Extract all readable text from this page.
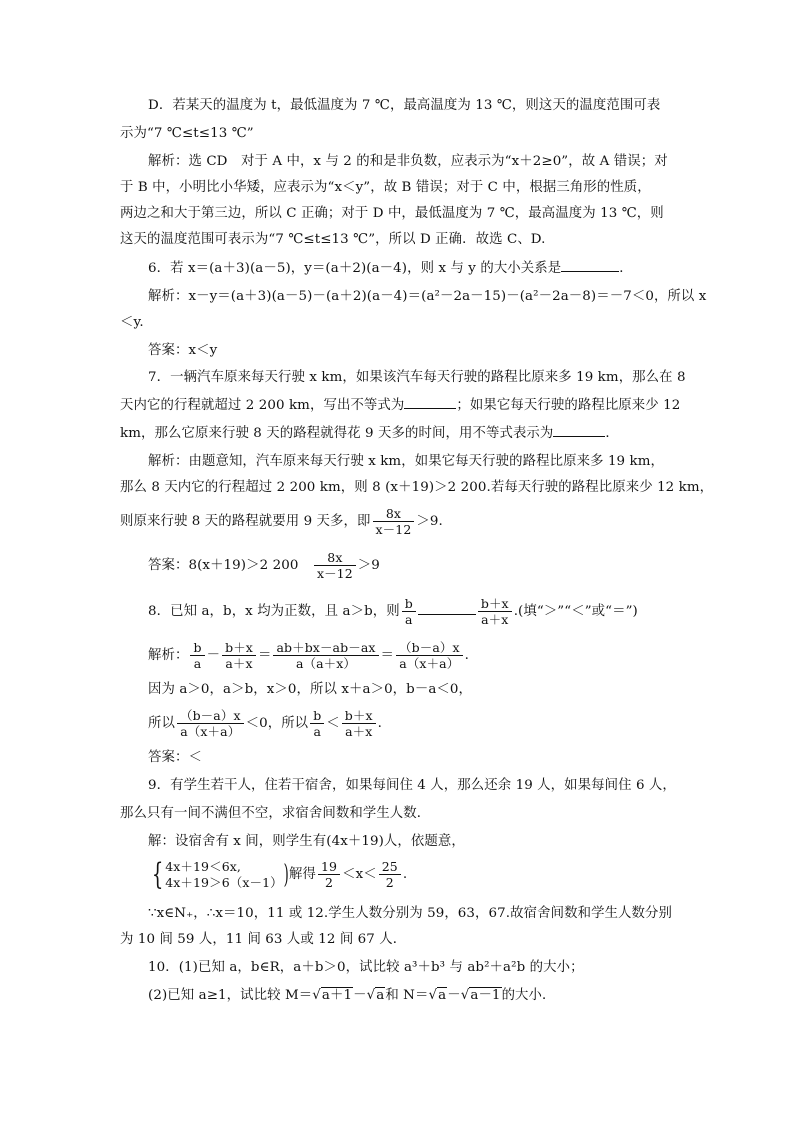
D．若某天的温度为 t，最低温度为 7 ℃，最高温度为 13 ℃，则这天的温度范围可表
示为“7 ℃≤t≤13 ℃”
解析：选 CD　对于 A 中，x 与 2 的和是非负数，应表示为“x＋2≥0”，故 A 错误；对
于 B 中，小明比小华矮，应表示为“x＜y”，故 B 错误；对于 C 中，根据三角形的性质，
两边之和大于第三边，所以 C 正确；对于 D 中，最低温度为 7 ℃，最高温度为 13 ℃，则
这天的温度范围可表示为“7 ℃≤t≤13 ℃”，所以 D 正确．故选 C、D.
6．若 x＝(a＋3)(a－5)，y＝(a＋2)(a－4)，则 x 与 y 的大小关系是	．
解析：x－y＝(a＋3)(a－5)－(a＋2)(a－4)＝(a²－2a－15)－(a²－2a－8)＝－7＜0，所以 x
＜y.
答案：x＜y
7．一辆汽车原来每天行驶 x km，如果该汽车每天行驶的路程比原来多 19 km，那么在 8
天内它的行程就超过 2 200 km，写出不等式为	；如果它每天行驶的路程比原来少 12
km，那么它原来行驶 8 天的路程就得花 9 天多的时间，用不等式表示为	．
解析：由题意知，汽车原来每天行驶 x km，如果它每天行驶的路程比原来多 19 km，
那么 8 天内它的行程超过 2 200 km，则 8 (x＋19)＞2 200.若每天行驶的路程比原来少 12 km，
则原来行驶 8 天的路程就要用 9 天多，即 $\frac{8x}{x-12} >9$.
答案：8(x＋19)＞2 200　 $\frac{8x}{x-12} >9$
8．已知 a，b，x 均为正数，且 a＞b，则 $\frac{b}{a}$	$\frac{b+x}{a+x}$ .(填“＞”“＜”或“＝”)
解析： $\frac{b}{a} - \frac{b+x}{a+x} = \frac{ab+bx-ab-ax}{a(a+x)} = \frac{(b-a)x}{a(x+a)}$ .
因为 a＞0，a＞b，x＞0，所以 x＋a＞0，b－a＜0，
所以 $\frac{(b-a)x}{a(x+a)} <0$，所以 $\frac{b}{a} < \frac{b+x}{a+x}$ .
答案：＜
9．有学生若干人，住若干宿舍，如果每间住 4 人，那么还余 19 人，如果每间住 6 人，
那么只有一间不满但不空，求宿舍间数和学生人数．
解：设宿舍有 x 间，则学生有(4x＋19)人，依题意，
{ 4x＋19＜6x,
4x＋19＞6（x－1） )解得 $\frac{19}{2} <x< \frac{25}{2}$ .
∵x∈N₊，∴x＝10，11 或 12.学生人数分别为 59，63，67.故宿舍间数和学生人数分别
为 10 间 59 人，11 间 63 人或 12 间 67 人．
10．(1)已知 a，b∈R，a＋b＞0，试比较 a³＋b³ 与 ab²＋a²b 的大小；
(2)已知 a≥1，试比较 M＝√a＋1－√a和 N＝√a－√a－1的大小．
